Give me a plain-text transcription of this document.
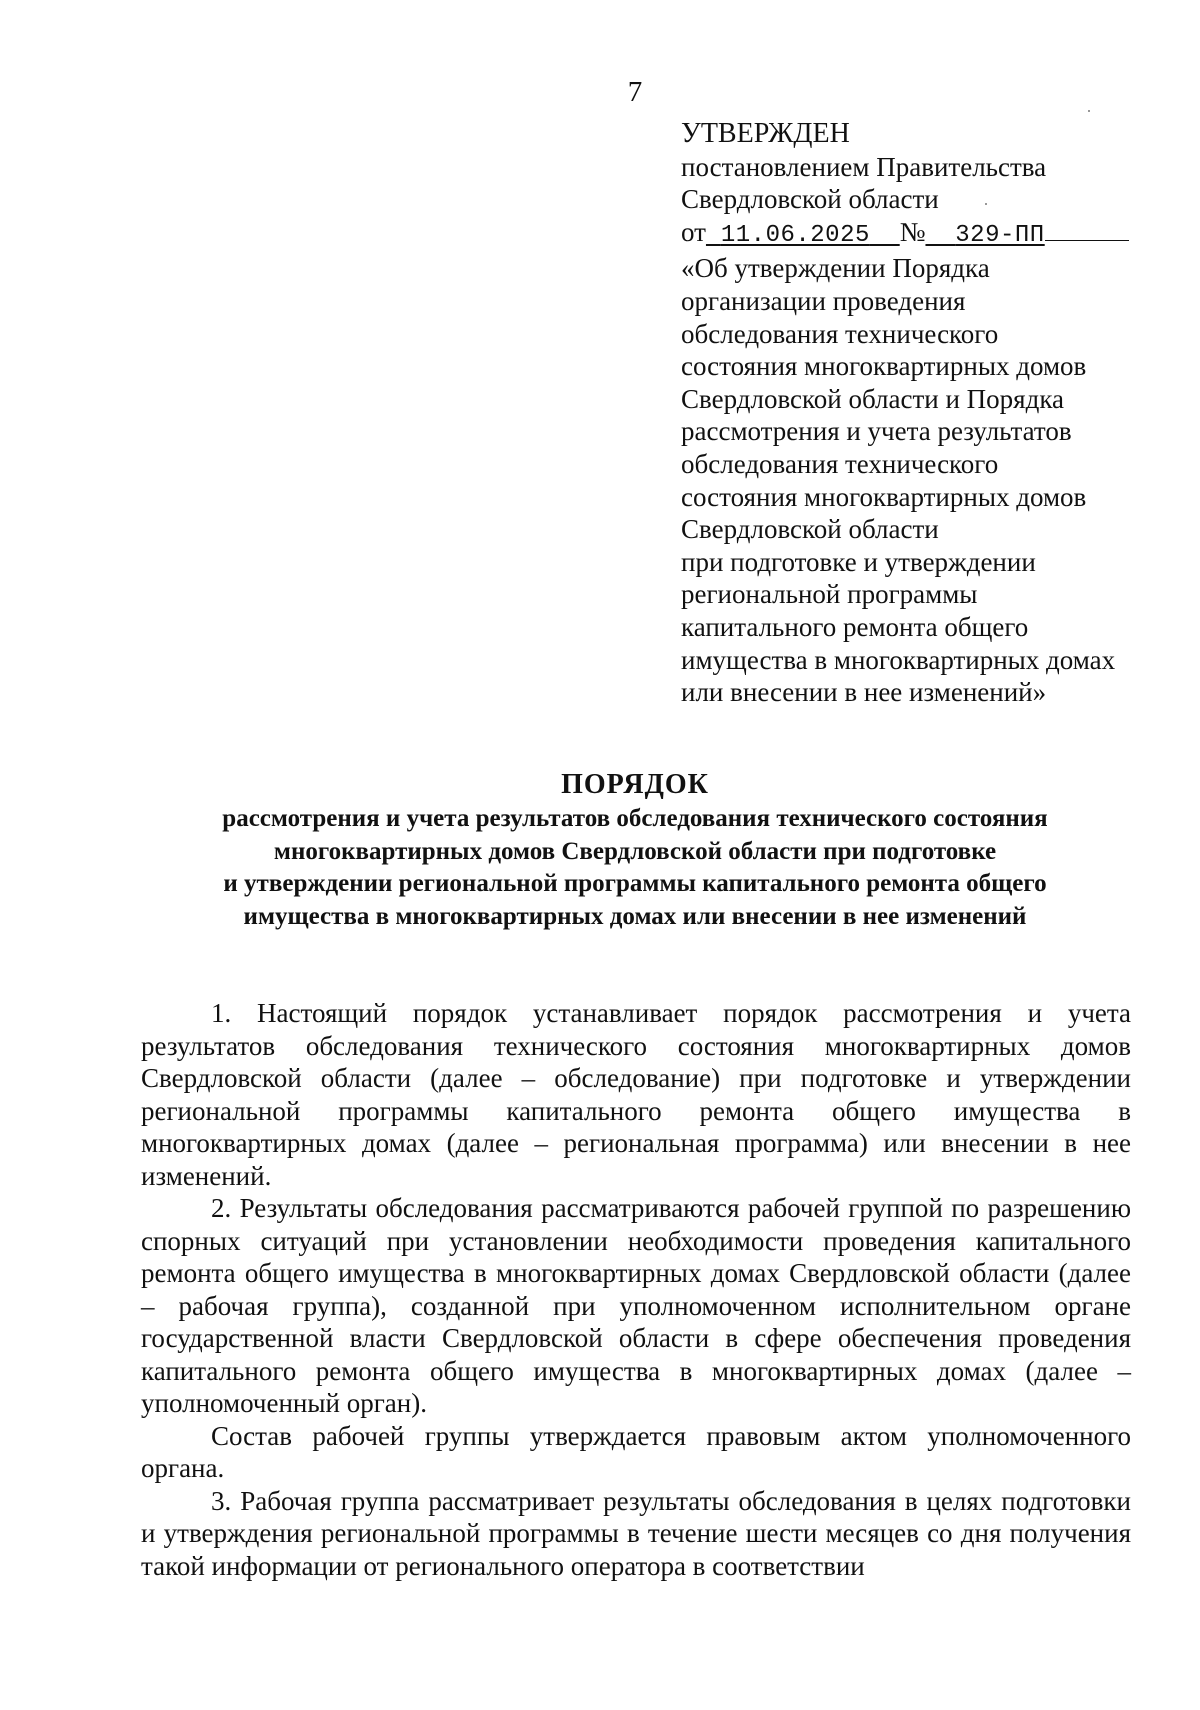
7
УТВЕРЖДЕН
постановлением Правительства
Свердловской области
от 11.06.2025 № 329-ПП
«Об утверждении Порядка
организации проведения
обследования технического
состояния многоквартирных домов
Свердловской области и Порядка
рассмотрения и учета результатов
обследования технического
состояния многоквартирных домов
Свердловской области
при подготовке и утверждении
региональной программы
капитального ремонта общего
имущества в многоквартирных домах
или внесении в нее изменений»
ПОРЯДОК
рассмотрения и учета результатов обследования технического состояния
многоквартирных домов Свердловской области при подготовке
и утверждении региональной программы капитального ремонта общего
имущества в многоквартирных домах или внесении в нее изменений

1. Настоящий порядок устанавливает порядок рассмотрения и учета результатов обследования технического состояния многоквартирных домов Свердловской области (далее – обследование) при подготовке и утверждении региональной программы капитального ремонта общего имущества в многоквартирных домах (далее – региональная программа) или внесении в нее изменений.

2. Результаты обследования рассматриваются рабочей группой по разрешению спорных ситуаций при установлении необходимости проведения капитального ремонта общего имущества в многоквартирных домах Свердловской области (далее – рабочая группа), созданной при уполномоченном исполнительном органе государственной власти Свердловской области в сфере обеспечения проведения капитального ремонта общего имущества в многоквартирных домах (далее – уполномоченный орган).

Состав рабочей группы утверждается правовым актом уполномоченного органа.

3. Рабочая группа рассматривает результаты обследования в целях подготовки и утверждения региональной программы в течение шести месяцев со дня получения такой информации от регионального оператора в соответствии
